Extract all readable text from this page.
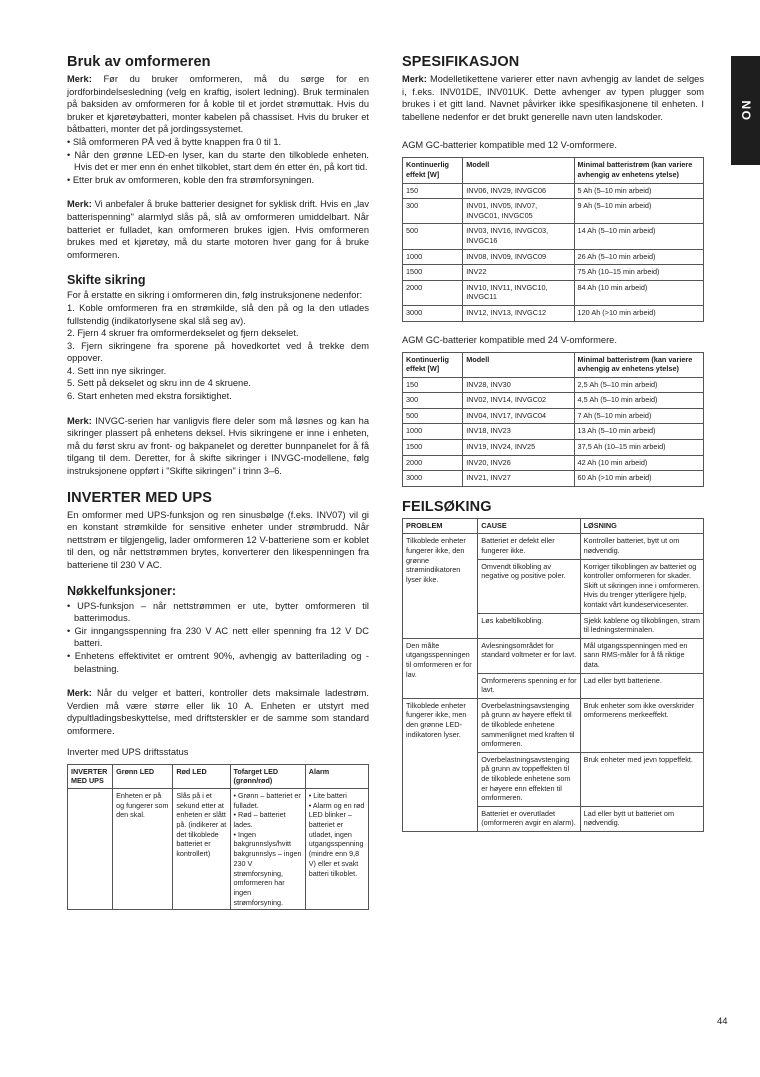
Bruk av omformeren

Merk: Før du bruker omformeren, må du sørge for en jordforbindelsesledning (velg en kraftig, isolert ledning). Bruk terminalen på baksiden av omformeren for å koble til et jordet strømuttak. Hvis du bruker et kjøretøybatteri, monter kabelen på chassiset. Hvis du bruker et båtbatteri, monter det på jordingssystemet.

• Slå omformeren PÅ ved å bytte knappen fra 0 til 1.
• Når den grønne LED-en lyser, kan du starte den tilkoblede enheten. Hvis det er mer enn én enhet tilkoblet, start dem én etter én, på kort tid.
• Etter bruk av omformeren, koble den fra strømforsyningen.

Merk: Vi anbefaler å bruke batterier designet for syklisk drift. Hvis en „lav batterispenning" alarmlyd slås på, slå av omformeren umiddelbart. Når batteriet er fulladet, kan omformeren brukes igjen. Hvis omformeren brukes med et kjøretøy, må du starte motoren hver gang for å bruke omformeren.

Skifte sikring

For å erstatte en sikring i omformeren din, følg instruksjonene nedenfor:

1. Koble omformeren fra en strømkilde, slå den på og la den utlades fullstendig (indikatorlysene skal slå seg av).
2. Fjern 4 skruer fra omformerdekselet og fjern dekselet.
3. Fjern sikringene fra sporene på hovedkortet ved å trekke dem oppover.
4. Sett inn nye sikringer.
5. Sett på dekselet og skru inn de 4 skruene.
6. Start enheten med ekstra forsiktighet.

Merk: INVGC-serien har vanligvis flere deler som må løsnes og kan ha sikringer plassert på enhetens deksel. Hvis sikringene er inne i enheten, må du først skru av front- og bakpanelet og deretter bunnpanelet for å få tilgang til dem. Deretter, for å skifte sikringer i INVGC-modellene, følg instruksjonene oppført i "Skifte sikringen" i trinn 3–6.

INVERTER MED UPS

En omformer med UPS-funksjon og ren sinusbølge (f.eks. INV07) vil gi en konstant strømkilde for sensitive enheter under strømbrudd. Når nettstrøm er tilgjengelig, lader omformeren 12 V-batteriene som er koblet til den, og når nettstrømmen brytes, konverterer den likespenningen fra batteriene til 230 V AC.

Nøkkelfunksjoner:
• UPS-funksjon – når nettstrømmen er ute, bytter omformeren til batterimodus.
• Gir inngangsspenning fra 230 V AC nett eller spenning fra 12 V DC batteri.
• Enhetens effektivitet er omtrent 90%, avhengig av batterilading og -belastning.

Merk: Når du velger et batteri, kontroller dets maksimale ladestrøm. Verdien må være større eller lik 10 A. Enheten er utstyrt med dypultladingsbeskyttelse, med driftsterskler er de samme som standard omformere.

Inverter med UPS driftsstatus
INVERTER MED UPS	Grønn LED	Rød LED	Tofarget LED (grønn/rød)	Alarm
	Enheten er på og fungerer som den skal.	Slås på i et sekund etter at enheten er slått på. (indikerer at det tilkoblede batteriet er kontrollert)	• Grønn – batteriet er fulladet.
• Rød – batteriet lades.
• Ingen bakgrunnslys/hvitt bakgrunnslys – ingen 230 V strømforsyning, omformeren har ingen strømforsyning.	• Lite batteri
• Alarm og en rød LED blinker – batteriet er utladet, ingen utgangsspenning (mindre enn 9,8 V) eller et svakt batteri tilkoblet.
SPESIFIKASJON

Merk: Modelletikettene varierer etter navn avhengig av landet de selges i, f.eks. INV01DE, INV01UK. Dette avhenger av typen plugger som brukes i et gitt land. Navnet påvirker ikke spesifikasjonene til enheten. I tabellene nedenfor er det brukt generelle navn uten landskoder.

AGM GC-batterier kompatible med 12 V-omformere.
Kontinuerlig effekt [W]	Modell	Minimal batteristrøm (kan variere avhengig av enhetens ytelse)
150	INV06, INV29, INVGC06	5 Ah (5–10 min arbeid)
300	INV01, INV05, INV07, INVGC01, INVGC05	9 Ah (5–10 min arbeid)
500	INV03, INV16, INVGC03, INVGC16	14 Ah (5–10 min arbeid)
1000	INV08, INV09, INVGC09	26 Ah (5–10 min arbeid)
1500	INV22	75 Ah (10–15 min arbeid)
2000	INV10, INV11, INVGC10, INVGC11	84 Ah (10 min arbeid)
3000	INV12, INV13, INVGC12	120 Ah (>10 min arbeid)
AGM GC-batterier kompatible med 24 V-omformere.
Kontinuerlig effekt [W]	Modell	Minimal batteristrøm (kan variere avhengig av enhetens ytelse)
150	INV28, INV30	2,5 Ah (5–10 min arbeid)
300	INV02, INV14, INVGC02	4,5 Ah (5–10 min arbeid)
500	INV04, INV17, INVGC04	7 Ah (5–10 min arbeid)
1000	INV18, INV23	13 Ah (5–10 min arbeid)
1500	INV19, INV24, INV25	37,5 Ah (10–15 min arbeid)
2000	INV20, INV26	42 Ah (10 min arbeid)
3000	INV21, INV27	60 Ah (>10 min arbeid)
FEILSØKING
PROBLEM	CAUSE	LØSNING
Tilkoblede enheter fungerer ikke, den grønne strømindikatoren lyser ikke.	Batteriet er defekt eller fungerer ikke.	Kontroller batteriet, bytt ut om nødvendig.
	Omvendt tilkobling av negative og positive poler.	Korriger tilkoblingen av batteriet og kontroller omformeren for skader. Skift ut sikringen inne i omformeren. Hvis du trenger ytterligere hjelp, kontakt vårt kundeservicesenter.
	Løs kabeltilkobling.	Sjekk kablene og tilkoblingen, stram til ledningsterminalen.
Den målte utgangsspenningen til omformeren er for lav.	Avlesningsområdet for standard voltmeter er for lavt.	Mål utgangsspenningen med en sann RMS-måler for å få riktige data.
	Omformerens spenning er for lavt.	Lad eller bytt batteriene.
Tilkoblede enheter fungerer ikke, men den grønne LED-indikatoren lyser.	Overbelastningsavstenging på grunn av høyere effekt til de tilkoblede enhetene sammenlignet med kraften til omformeren.	Bruk enheter som ikke overskrider omformerens merkeeffekt.
	Overbelastningsavstenging på grunn av toppeffekten til de tilkoblede enhetene som er høyere enn effekten til omformeren.	Bruk enheter med jevn toppeffekt.
	Batteriet er overutladet (omformeren avgir en alarm).	Lad eller bytt ut batteriet om nødvendig.
NO
44
